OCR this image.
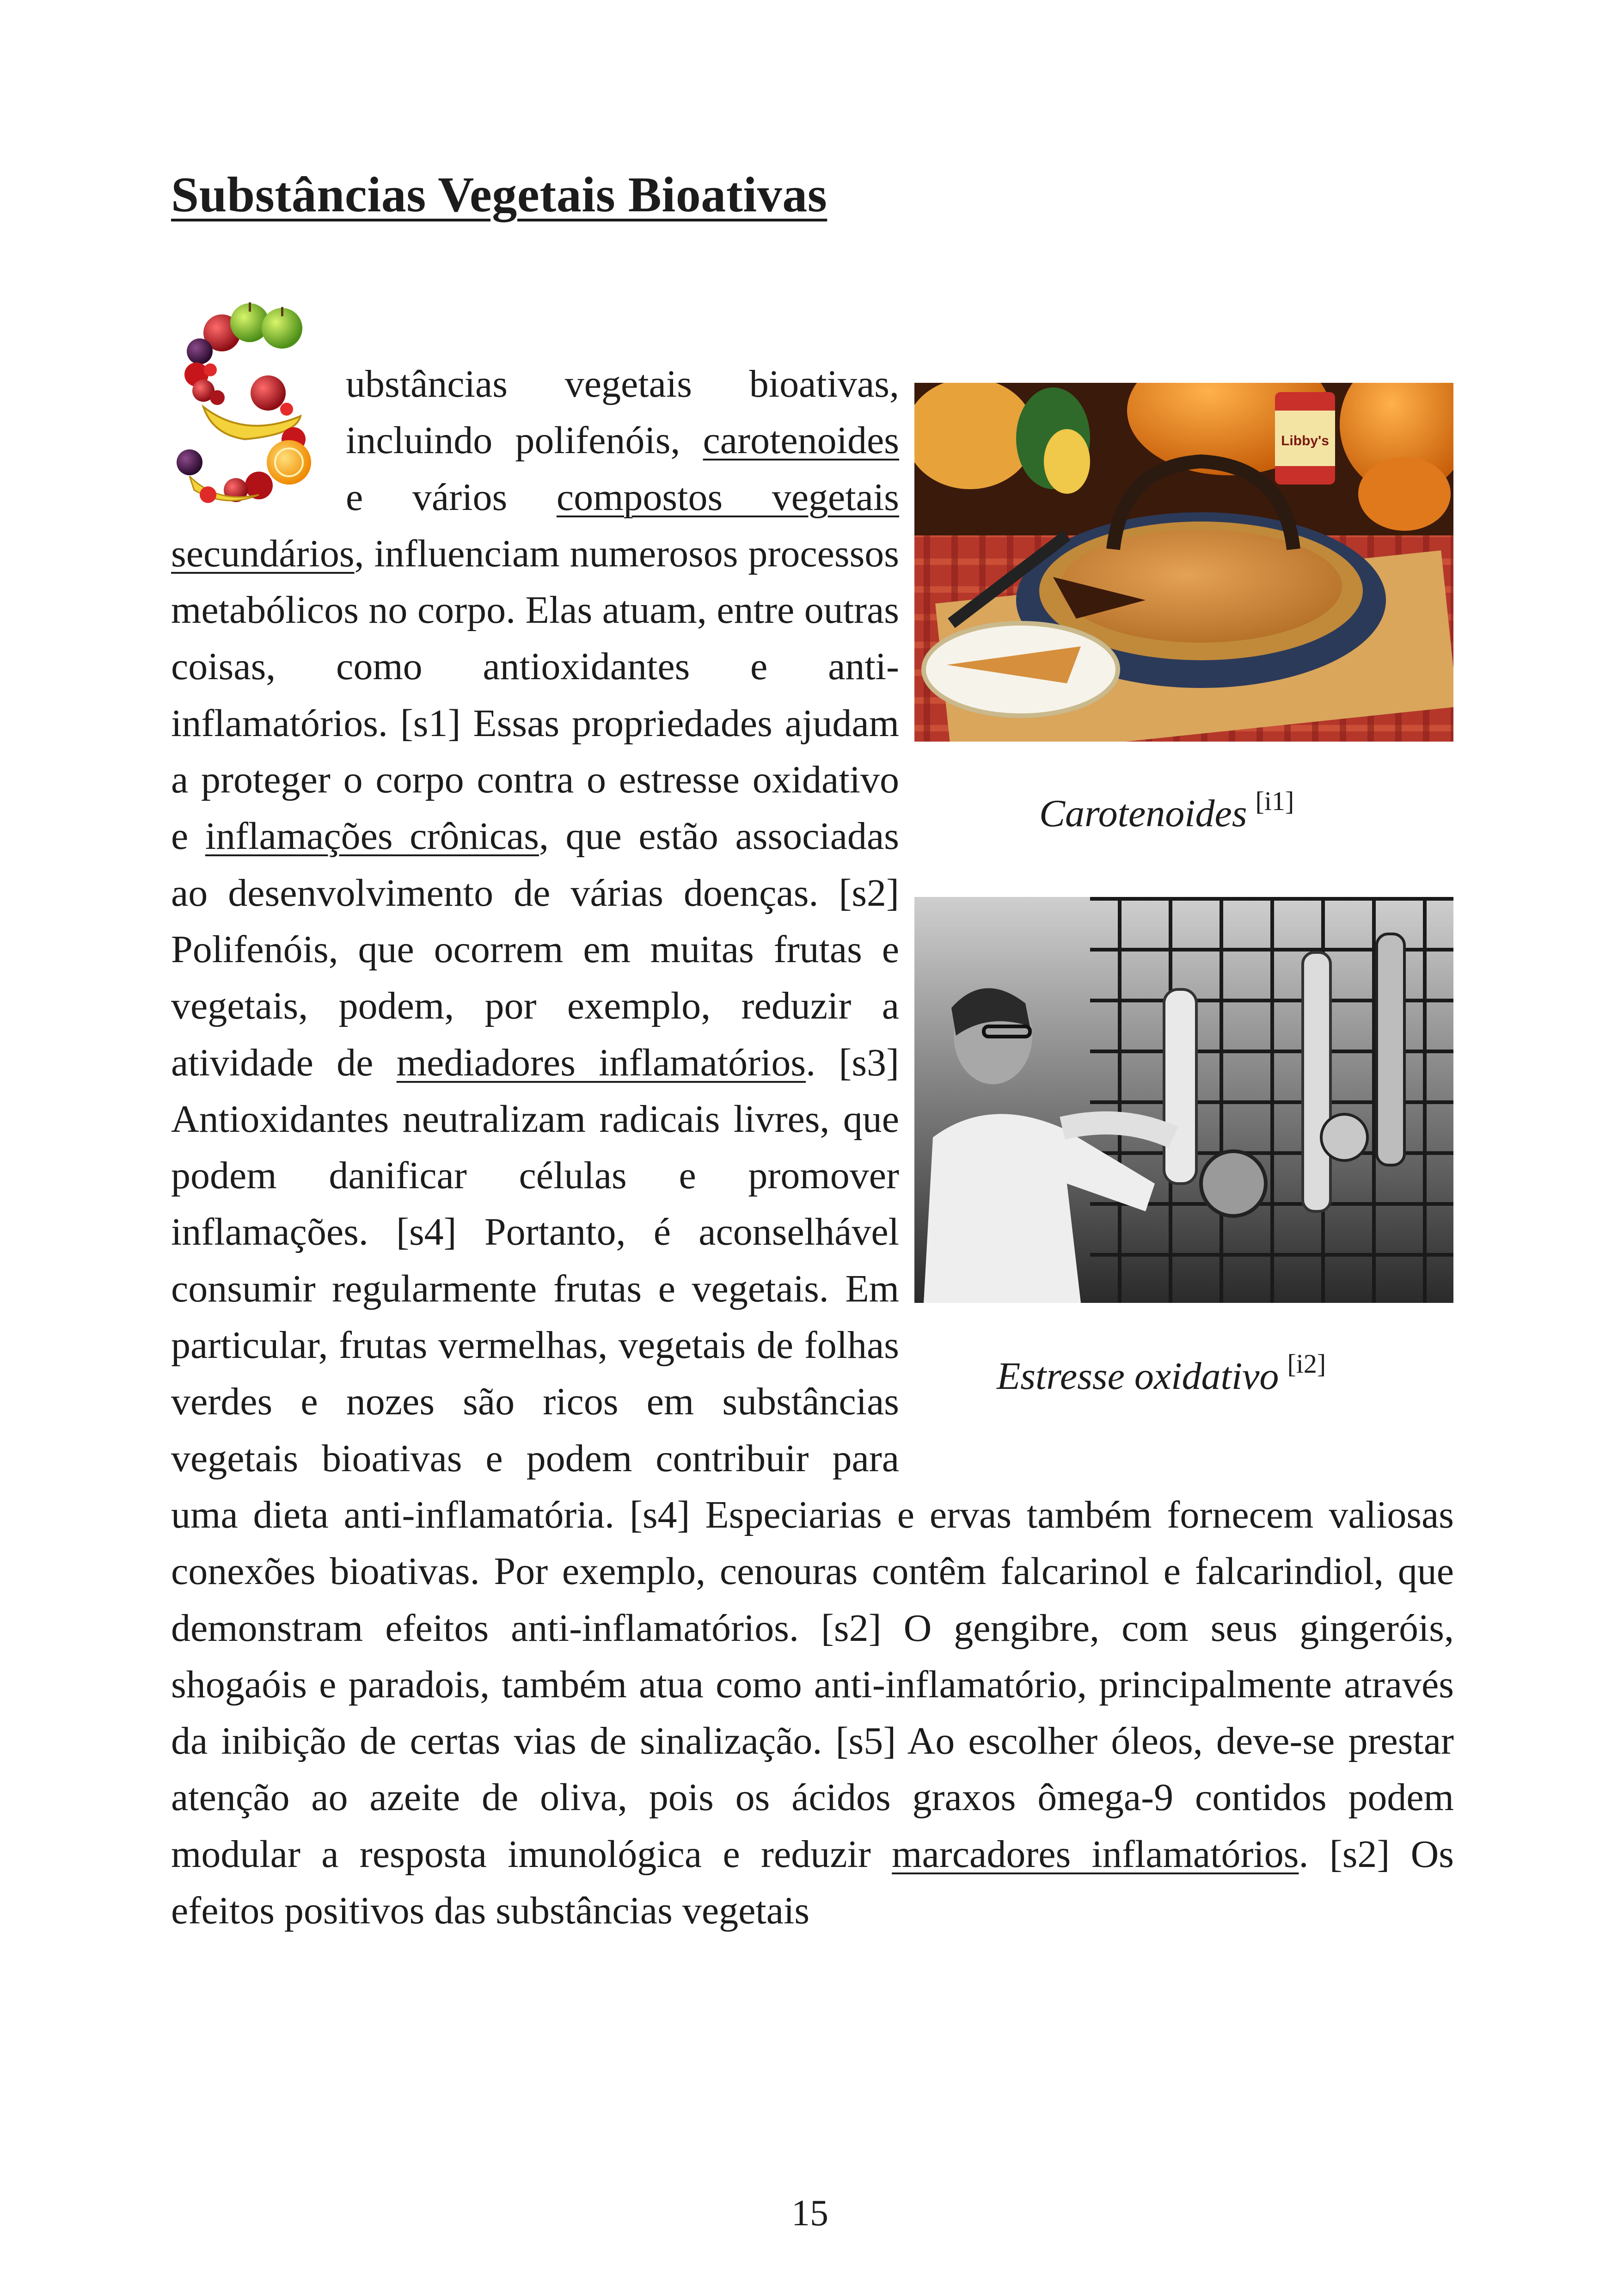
Substâncias Vegetais Bioativas

ubstâncias vegetais bioativas, incluindo polifenóis, carotenoides e vários compostos vegetais secundários, influenciam numerosos processos metabólicos no corpo. Elas atuam, entre outras coisas, como antioxidantes e anti-inflamatórios. [s1] Essas propriedades ajudam a proteger o corpo contra o estresse oxidativo e inflamações crônicas, que estão associadas ao desenvolvimento de várias doenças. [s2] Polifenóis, que ocorrem em muitas frutas e vegetais, podem, por exemplo, reduzir a atividade de mediadores inflamatórios. [s3] Antioxidantes neutralizam radicais livres, que podem danificar células e promover inflamações. [s4] Portanto, é aconselhável consumir regularmente frutas e vegetais. Em particular, frutas vermelhas, vegetais de folhas verdes e nozes são ricos em substâncias vegetais bioativas e podem contribuir para uma dieta anti-inflamatória. [s4] Especiarias e ervas também fornecem valiosas conexões bioativas. Por exemplo, cenouras contêm falcarinol e falcarindiol, que demonstram efeitos anti-inflamatórios. [s2] O gengibre, com seus gingeróis, shogaóis e paradois, também atua como anti-inflamatório, principalmente através da inibição de certas vias de sinalização. [s5] Ao escolher óleos, deve-se prestar atenção ao azeite de oliva, pois os ácidos graxos ômega-9 contidos podem modular a resposta imunológica e reduzir marcadores inflamatórios. [s2] Os efeitos positivos das substâncias vegetais

Libby's
Carotenoides [i1]
Estresse oxidativo [i2]
15
